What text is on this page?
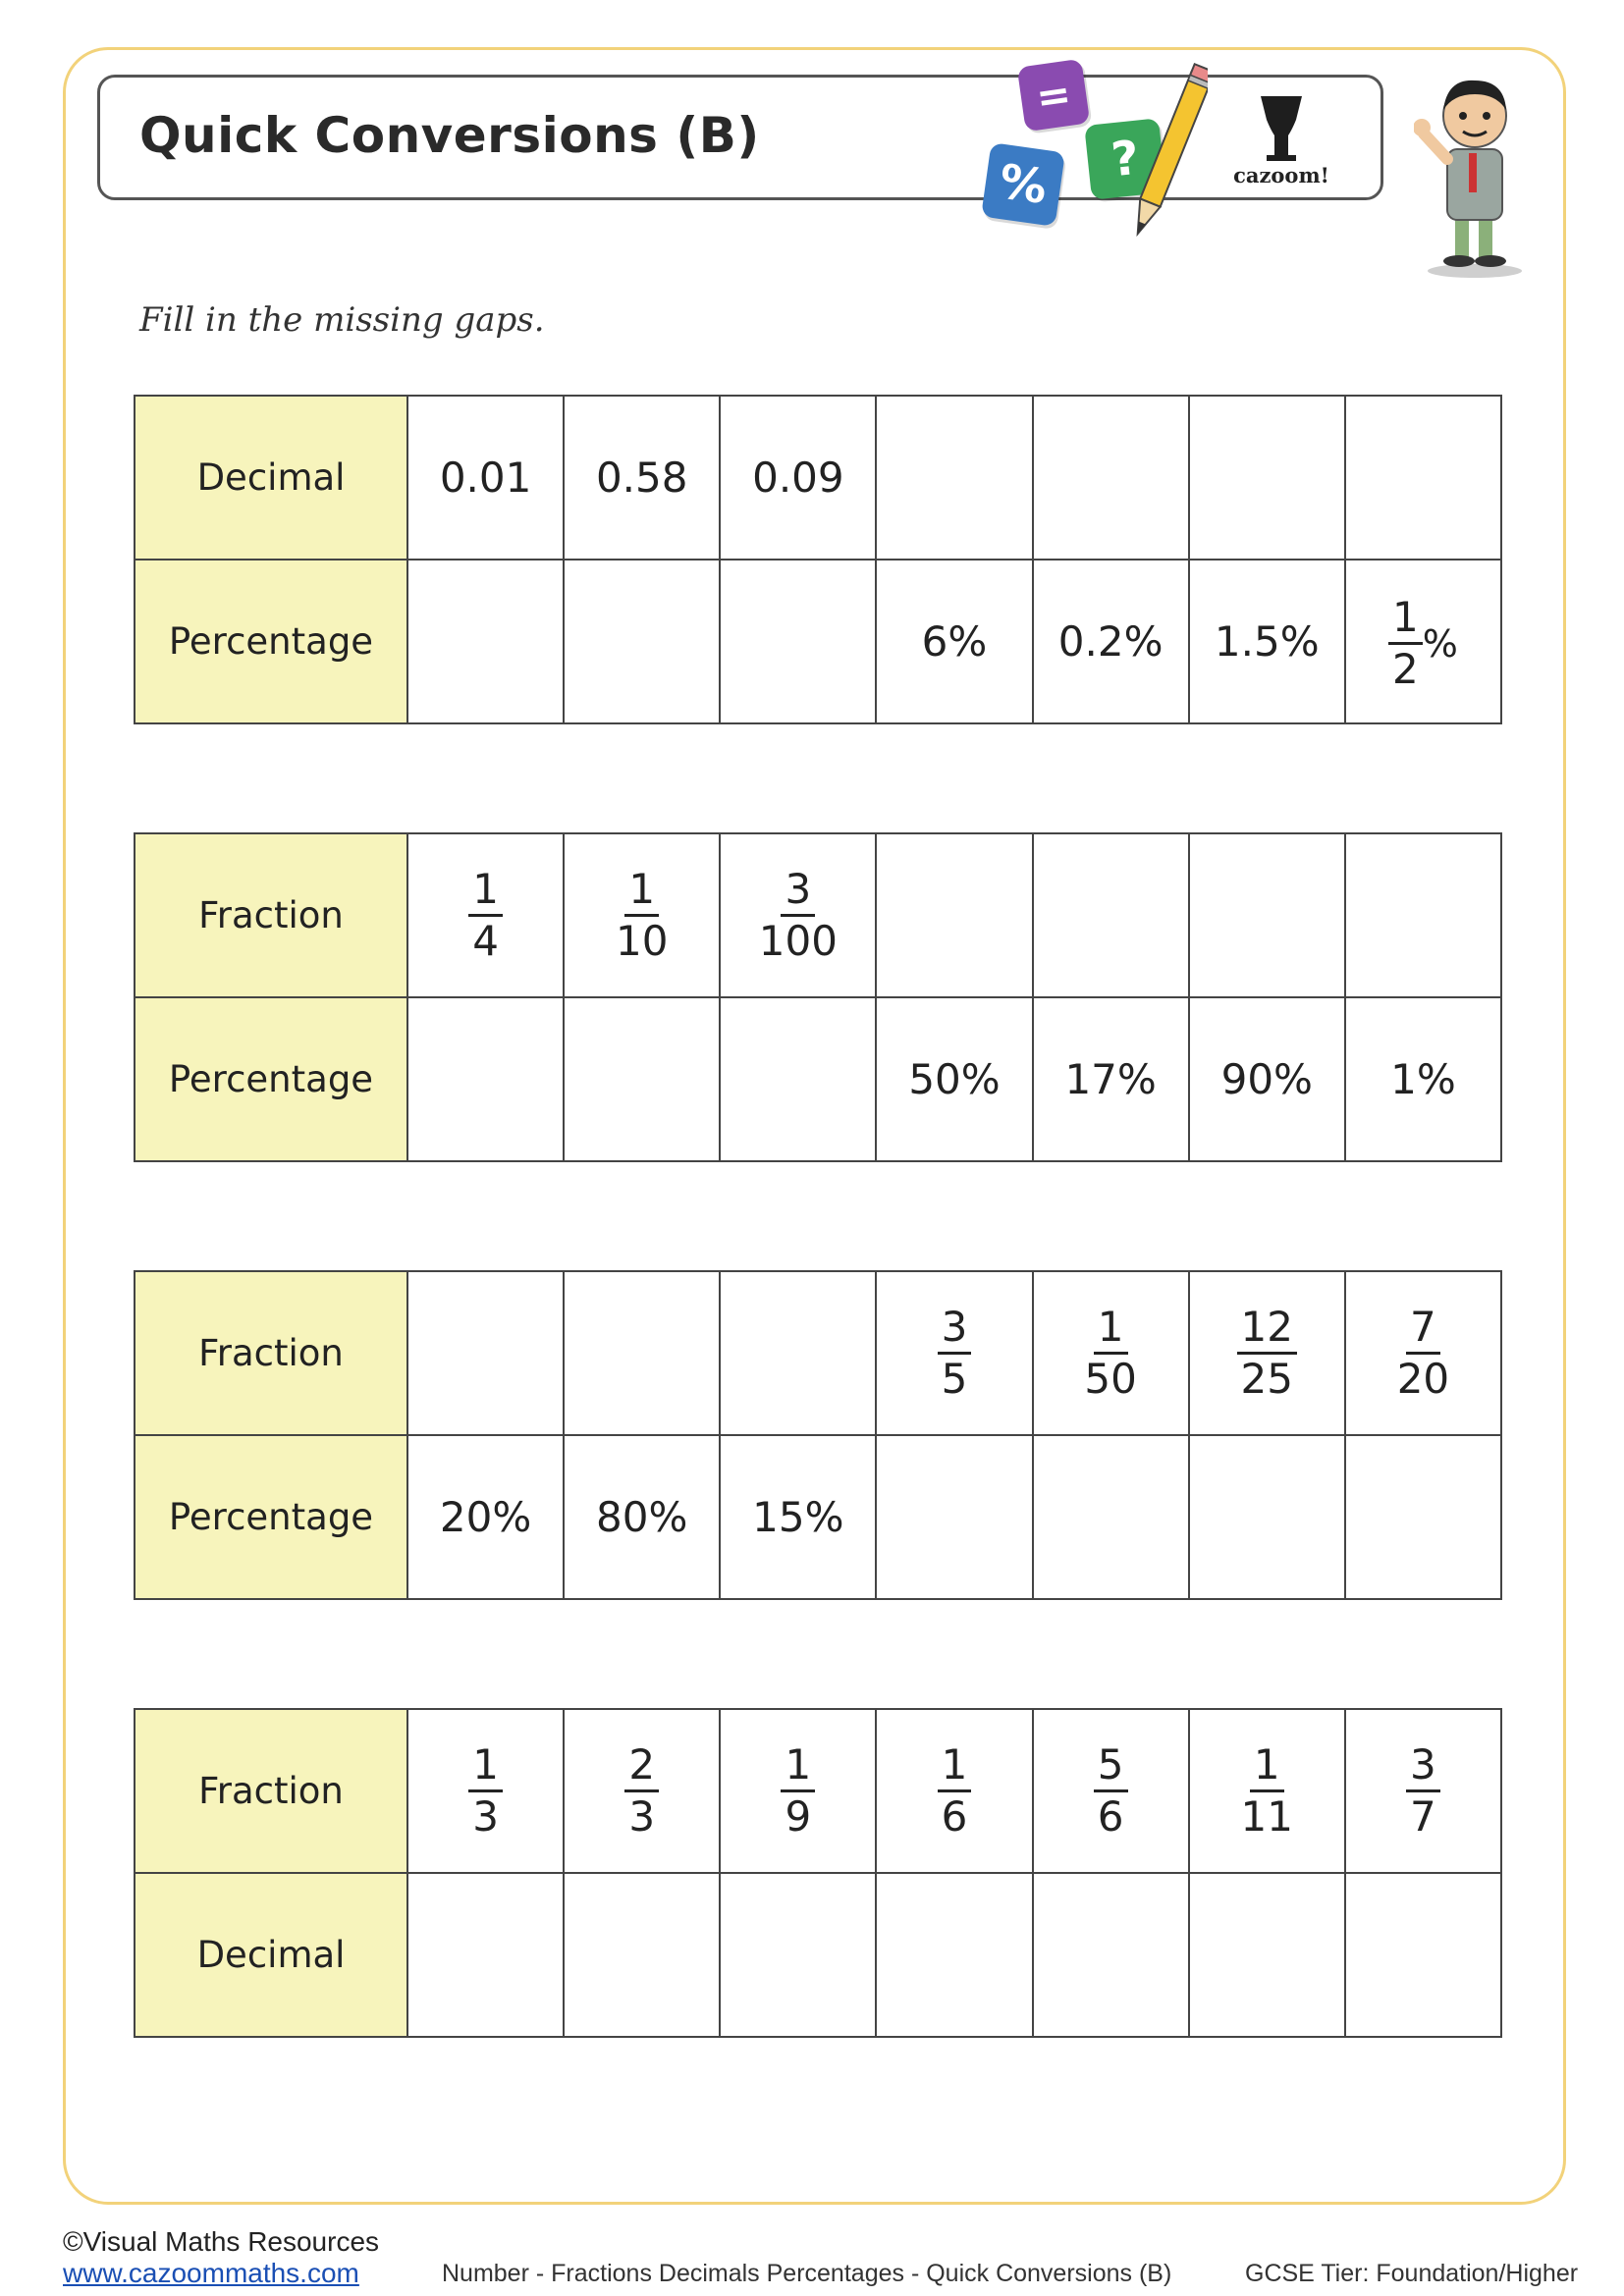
Quick Conversions (B)
=
%	?	cazoom!
Fill in the missing gaps.
Decimal	0.01	0.58	0.09				
Percentage				6%	0.2%	1.5%	$\frac{1}{2}$ %
Fraction	$\frac{1}{4}$	$\frac{1}{10}$	$\frac{3}{100}$

Percentage				50%	17%	90%	1%
Fraction				$\frac{3}{5}$	$\frac{1}{50}$	$\frac{12}{25}$	$\frac{7}{20}$

Percentage	20%	80%	15%				
Fraction	$\frac{1}{3}$	$\frac{2}{3}$	$\frac{1}{9}$	$\frac{1}{6}$	$\frac{5}{6}$	$\frac{1}{11}$	$\frac{3}{7}$

Decimal							
©Visual Maths Resources
www.cazoommaths.com	Number - Fractions Decimals Percentages - Quick Conversions (B)	GCSE Tier: Foundation/Higher
